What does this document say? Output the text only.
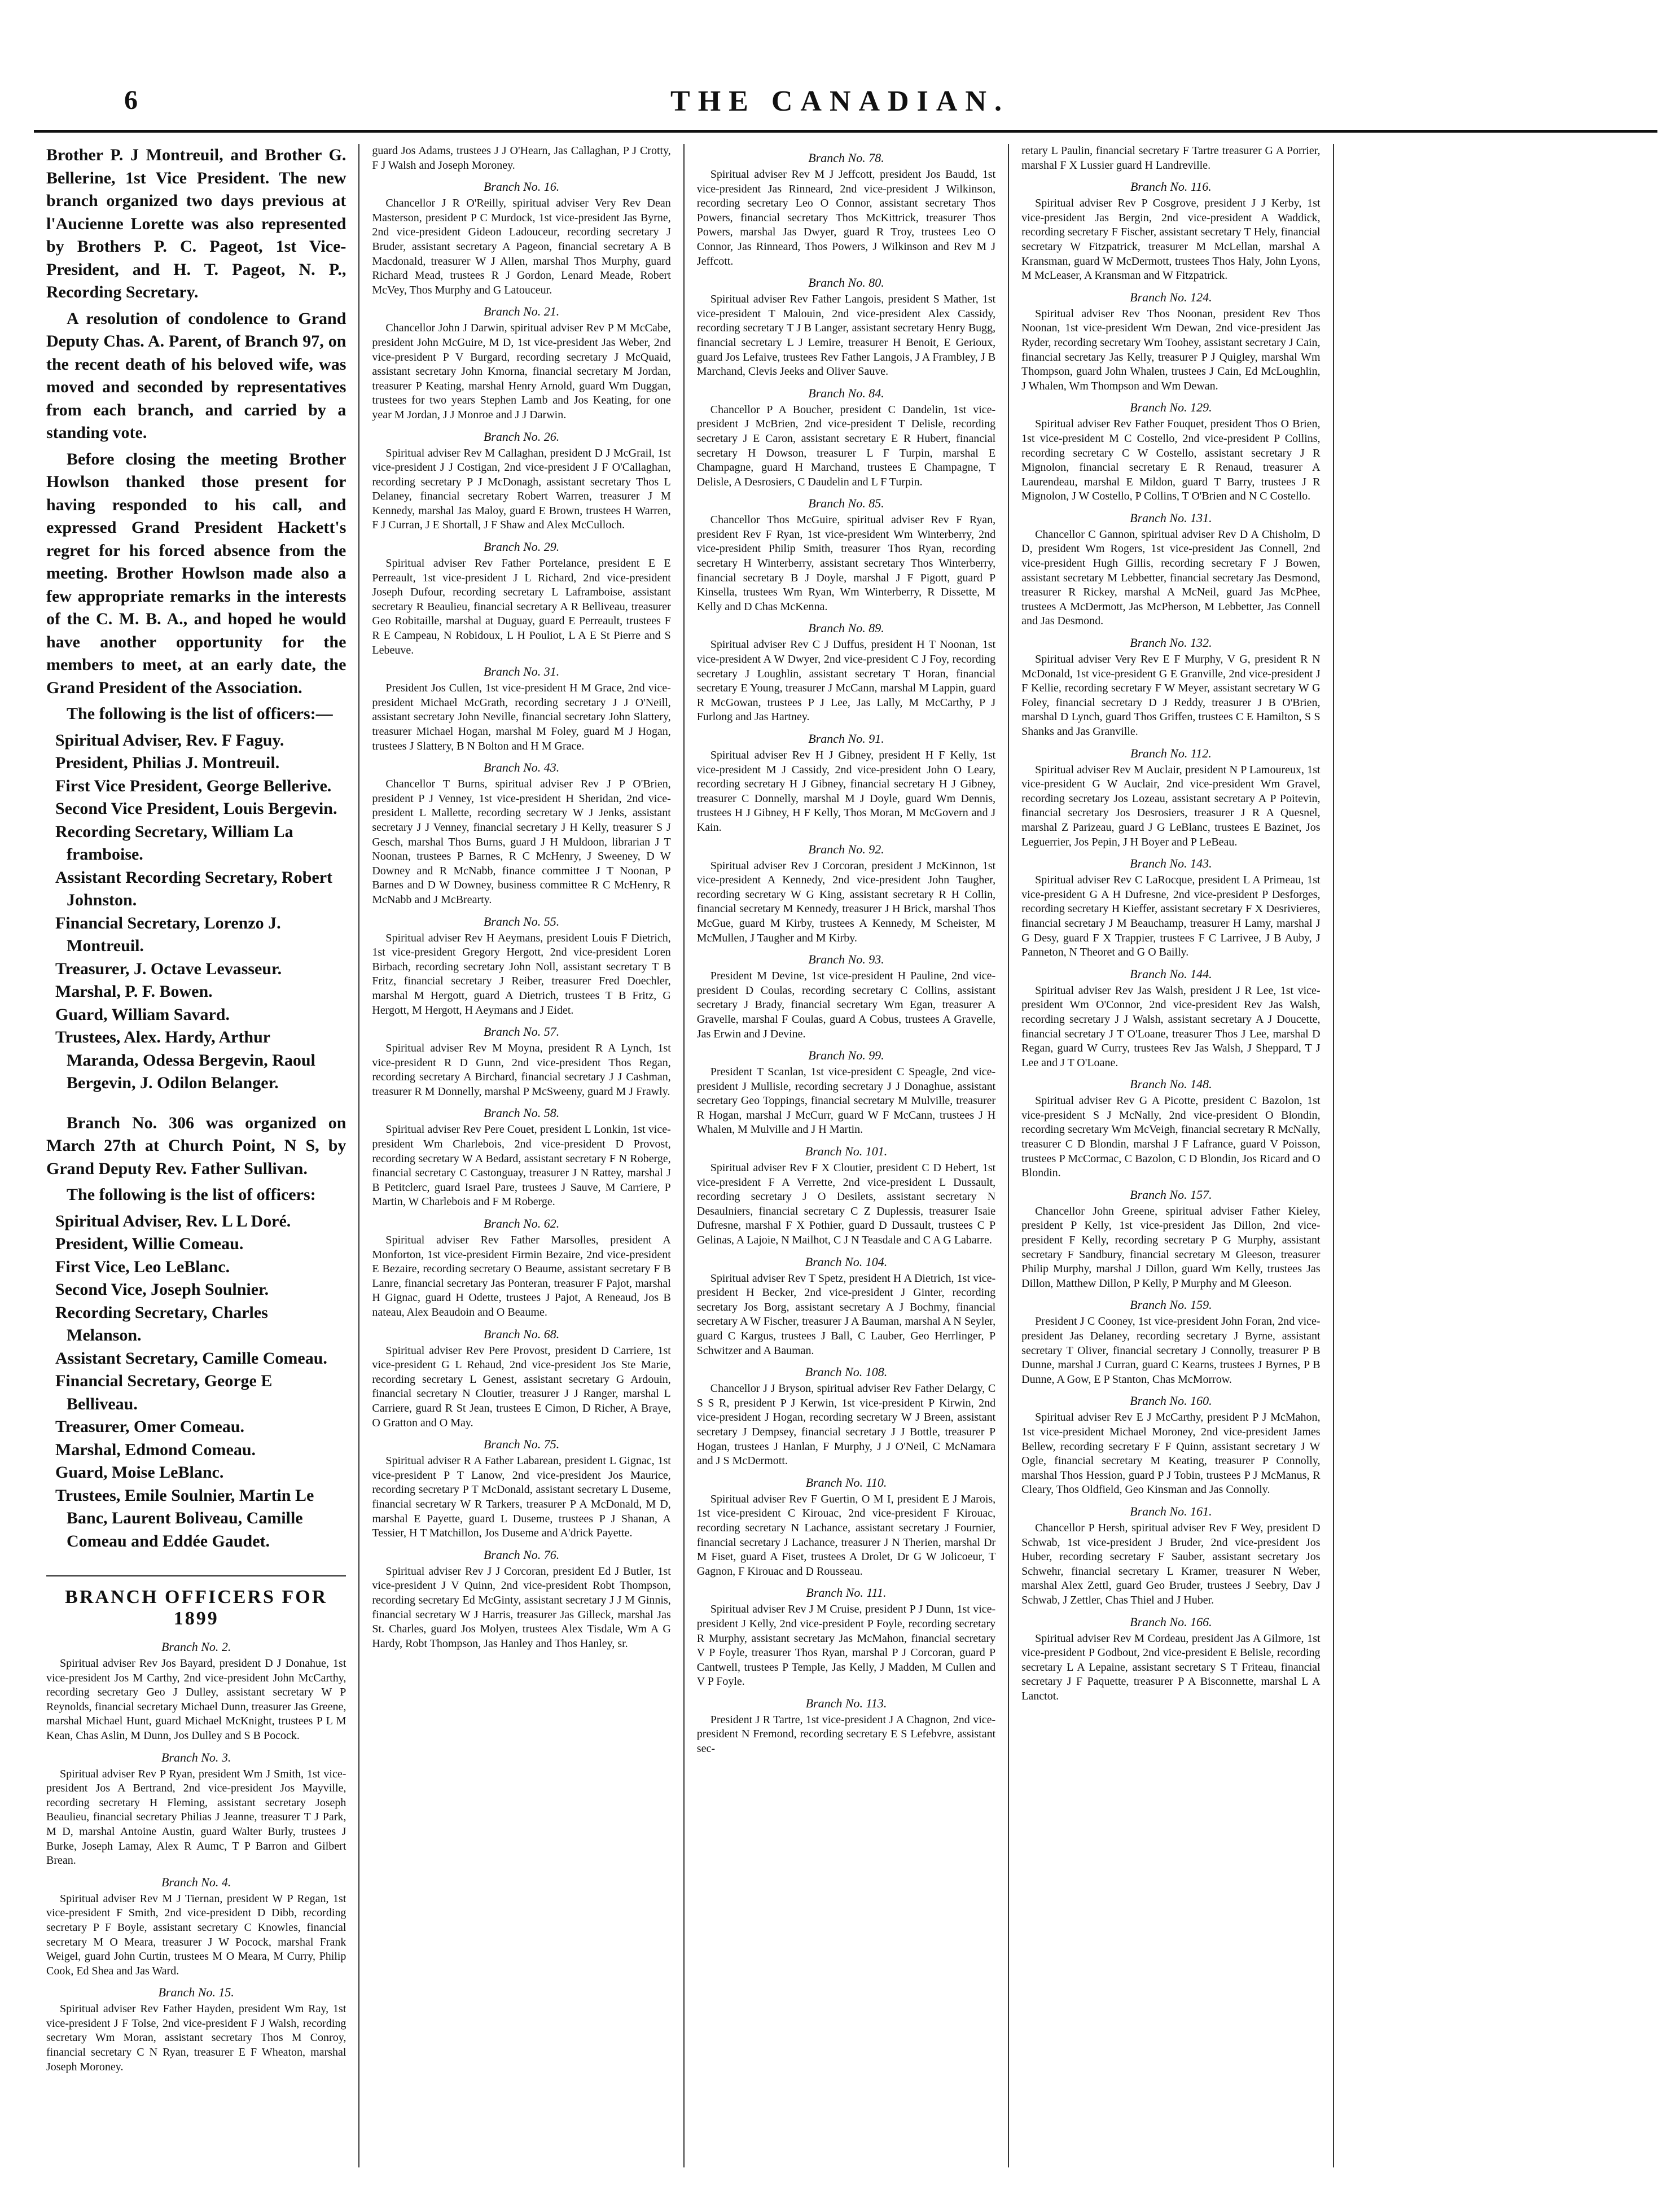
6	THE CANADIAN.

Brother P. J Montreuil, and Brother G. Bellerine, 1st Vice President. The new branch organized two days previous at l'Aucienne Lorette was also represented by Brothers P. C. Pageot, 1st Vice-President, and H. T. Pageot, N. P., Recording Secretary.

A resolution of condolence to Grand Deputy Chas. A. Parent, of Branch 97, on the recent death of his beloved wife, was moved and seconded by representatives from each branch, and carried by a standing vote.

Before closing the meeting Brother Howlson thanked those present for having responded to his call, and expressed Grand President Hackett's regret for his forced absence from the meeting. Brother Howlson made also a few appropriate remarks in the interests of the C. M. B. A., and hoped he would have another opportunity for the members to meet, at an early date, the Grand President of the Association.

The following is the list of officers:—

Spiritual Adviser, Rev. F Faguy.

President, Philias J. Montreuil.

First Vice President, George Bellerive.

Second Vice President, Louis Bergevin.

Recording Secretary, William La framboise.

Assistant Recording Secretary, Robert Johnston.

Financial Secretary, Lorenzo J. Montreuil.

Treasurer, J. Octave Levasseur.

Marshal, P. F. Bowen.

Guard, William Savard.

Trustees, Alex. Hardy, Arthur Maranda, Odessa Bergevin, Raoul Bergevin, J. Odilon Belanger.

Branch No. 306 was organized on March 27th at Church Point, N S, by Grand Deputy Rev. Father Sullivan.

The following is the list of officers:

Spiritual Adviser, Rev. L L Doré.

President, Willie Comeau.

First Vice, Leo LeBlanc.

Second Vice, Joseph Soulnier.

Recording Secretary, Charles Melanson.

Assistant Secretary, Camille Comeau.

Financial Secretary, George E Belliveau.

Treasurer, Omer Comeau.

Marshal, Edmond Comeau.

Guard, Moise LeBlanc.

Trustees, Emile Soulnier, Martin Le Banc, Laurent Boliveau, Camille Comeau and Eddée Gaudet.

BRANCH OFFICERS FOR 1899
Branch No. 2.

Spiritual adviser Rev Jos Bayard, president D J Donahue, 1st vice-president Jos M Carthy, 2nd vice-president John McCarthy, recording secretary Geo J Dulley, assistant secretary W P Reynolds, financial secretary Michael Dunn, treasurer Jas Greene, marshal Michael Hunt, guard Michael McKnight, trustees P L M Kean, Chas Aslin, M Dunn, Jos Dulley and S B Pocock.

Branch No. 3.

Spiritual adviser Rev P Ryan, president Wm J Smith, 1st vice-president Jos A Bertrand, 2nd vice-president Jos Mayville, recording secretary H Fleming, assistant secretary Joseph Beaulieu, financial secretary Philias J Jeanne, treasurer T J Park, M D, marshal Antoine Austin, guard Walter Burly, trustees J Burke, Joseph Lamay, Alex R Aumc, T P Barron and Gilbert Brean.

Branch No. 4.

Spiritual adviser Rev M J Tiernan, president W P Regan, 1st vice-president F Smith, 2nd vice-president D Dibb, recording secretary P F Boyle, assistant secretary C Knowles, financial secretary M O Meara, treasurer J W Pocock, marshal Frank Weigel, guard John Curtin, trustees M O Meara, M Curry, Philip Cook, Ed Shea and Jas Ward.

Branch No. 15.

Spiritual adviser Rev Father Hayden, president Wm Ray, 1st vice-president J F Tolse, 2nd vice-president F J Walsh, recording secretary Wm Moran, assistant secretary Thos M Conroy, financial secretary C N Ryan, treasurer E F Wheaton, marshal Joseph Moroney.

guard Jos Adams, trustees J J O'Hearn, Jas Callaghan, P J Crotty, F J Walsh and Joseph Moroney.

Branch No. 16.

Chancellor J R O'Reilly, spiritual adviser Very Rev Dean Masterson, president P C Murdock, 1st vice-president Jas Byrne, 2nd vice-president Gideon Ladouceur, recording secretary J Bruder, assistant secretary A Pageon, financial secretary A B Macdonald, treasurer W J Allen, marshal Thos Murphy, guard Richard Mead, trustees R J Gordon, Lenard Meade, Robert McVey, Thos Murphy and G Latouceur.

Branch No. 21.

Chancellor John J Darwin, spiritual adviser Rev P M McCabe, president John McGuire, M D, 1st vice-president Jas Weber, 2nd vice-president P V Burgard, recording secretary J McQuaid, assistant secretary John Kmorna, financial secretary M Jordan, treasurer P Keating, marshal Henry Arnold, guard Wm Duggan, trustees for two years Stephen Lamb and Jos Keating, for one year M Jordan, J J Monroe and J J Darwin.

Branch No. 26.

Spiritual adviser Rev M Callaghan, president D J McGrail, 1st vice-president J J Costigan, 2nd vice-president J F O'Callaghan, recording secretary P J McDonagh, assistant secretary Thos L Delaney, financial secretary Robert Warren, treasurer J M Kennedy, marshal Jas Maloy, guard E Brown, trustees H Warren, F J Curran, J E Shortall, J F Shaw and Alex McCulloch.

Branch No. 29.

Spiritual adviser Rev Father Portelance, president E E Perreault, 1st vice-president J L Richard, 2nd vice-president Joseph Dufour, recording secretary L Laframboise, assistant secretary R Beaulieu, financial secretary A R Belliveau, treasurer Geo Robitaille, marshal at Duguay, guard E Perreault, trustees F R E Campeau, N Robidoux, L H Pouliot, L A E St Pierre and S Lebeuve.

Branch No. 31.

President Jos Cullen, 1st vice-president H M Grace, 2nd vice-president Michael McGrath, recording secretary J J O'Neill, assistant secretary John Neville, financial secretary John Slattery, treasurer Michael Hogan, marshal M Foley, guard M J Hogan, trustees J Slattery, B N Bolton and H M Grace.

Branch No. 43.

Chancellor T Burns, spiritual adviser Rev J P O'Brien, president P J Venney, 1st vice-president H Sheridan, 2nd vice-president L Mallette, recording secretary W J Jenks, assistant secretary J J Venney, financial secretary J H Kelly, treasurer S J Gesch, marshal Thos Burns, guard J H Muldoon, librarian J T Noonan, trustees P Barnes, R C McHenry, J Sweeney, D W Downey and R McNabb, finance committee J T Noonan, P Barnes and D W Downey, business committee R C McHenry, R McNabb and J McBrearty.

Branch No. 55.

Spiritual adviser Rev H Aeymans, president Louis F Dietrich, 1st vice-president Gregory Hergott, 2nd vice-president Loren Birbach, recording secretary John Noll, assistant secretary T B Fritz, financial secretary J Reiber, treasurer Fred Doechler, marshal M Hergott, guard A Dietrich, trustees T B Fritz, G Hergott, M Hergott, H Aeymans and J Eidet.

Branch No. 57.

Spiritual adviser Rev M Moyna, president R A Lynch, 1st vice-president R D Gunn, 2nd vice-president Thos Regan, recording secretary A Birchard, financial secretary J J Cashman, treasurer R M Donnelly, marshal P McSweeny, guard M J Frawly.

Branch No. 58.

Spiritual adviser Rev Pere Couet, president L Lonkin, 1st vice-president Wm Charlebois, 2nd vice-president D Provost, recording secretary W A Bedard, assistant secretary F N Roberge, financial secretary C Castonguay, treasurer J N Rattey, marshal J B Petitclerc, guard Israel Pare, trustees J Sauve, M Carriere, P Martin, W Charlebois and F M Roberge.

Branch No. 62.

Spiritual adviser Rev Father Marsolles, president A Monforton, 1st vice-president Firmin Bezaire, 2nd vice-president E Bezaire, recording secretary O Beaume, assistant secretary F B Lanre, financial secretary Jas Ponteran, treasurer F Pajot, marshal H Gignac, guard H Odette, trustees J Pajot, A Reneaud, Jos B nateau, Alex Beaudoin and O Beaume.

Branch No. 68.

Spiritual adviser Rev Pere Provost, president D Carriere, 1st vice-president G L Rehaud, 2nd vice-president Jos Ste Marie, recording secretary L Genest, assistant secretary G Ardouin, financial secretary N Cloutier, treasurer J J Ranger, marshal L Carriere, guard R St Jean, trustees E Cimon, D Richer, A Braye, O Gratton and O May.

Branch No. 75.

Spiritual adviser R A Father Labarean, president L Gignac, 1st vice-president P T Lanow, 2nd vice-president Jos Maurice, recording secretary P T McDonald, assistant secretary L Duseme, financial secretary W R Tarkers, treasurer P A McDonald, M D, marshal E Payette, guard L Duseme, trustees P J Shanan, A Tessier, H T Matchillon, Jos Duseme and A'drick Payette.

Branch No. 76.

Spiritual adviser Rev J J Corcoran, president Ed J Butler, 1st vice-president J V Quinn, 2nd vice-president Robt Thompson, recording secretary Ed McGinty, assistant secretary J J M Ginnis, financial secretary W J Harris, treasurer Jas Gilleck, marshal Jas St. Charles, guard Jos Molyen, trustees Alex Tisdale, Wm A G Hardy, Robt Thompson, Jas Hanley and Thos Hanley, sr.

Branch No. 78.

Spiritual adviser Rev M J Jeffcott, president Jos Baudd, 1st vice-president Jas Rinneard, 2nd vice-president J Wilkinson, recording secretary Leo O Connor, assistant secretary Thos Powers, financial secretary Thos McKittrick, treasurer Thos Powers, marshal Jas Dwyer, guard R Troy, trustees Leo O Connor, Jas Rinneard, Thos Powers, J Wilkinson and Rev M J Jeffcott.

Branch No. 80.

Spiritual adviser Rev Father Langois, president S Mather, 1st vice-president T Malouin, 2nd vice-president Alex Cassidy, recording secretary T J B Langer, assistant secretary Henry Bugg, financial secretary L J Lemire, treasurer H Benoit, E Gerioux, guard Jos Lefaive, trustees Rev Father Langois, J A Frambley, J B Marchand, Clevis Jeeks and Oliver Sauve.

Branch No. 84.

Chancellor P A Boucher, president C Dandelin, 1st vice-president J McBrien, 2nd vice-president T Delisle, recording secretary J E Caron, assistant secretary E R Hubert, financial secretary H Dowson, treasurer L F Turpin, marshal E Champagne, guard H Marchand, trustees E Champagne, T Delisle, A Desrosiers, C Daudelin and L F Turpin.

Branch No. 85.

Chancellor Thos McGuire, spiritual adviser Rev F Ryan, president Rev F Ryan, 1st vice-president Wm Winterberry, 2nd vice-president Philip Smith, treasurer Thos Ryan, recording secretary H Winterberry, assistant secretary Thos Winterberry, financial secretary B J Doyle, marshal J F Pigott, guard P Kinsella, trustees Wm Ryan, Wm Winterberry, R Dissette, M Kelly and D Chas McKenna.

Branch No. 89.

Spiritual adviser Rev C J Duffus, president H T Noonan, 1st vice-president A W Dwyer, 2nd vice-president C J Foy, recording secretary J Loughlin, assistant secretary T Horan, financial secretary E Young, treasurer J McCann, marshal M Lappin, guard R McGowan, trustees P J Lee, Jas Lally, M McCarthy, P J Furlong and Jas Hartney.

Branch No. 91.

Spiritual adviser Rev H J Gibney, president H F Kelly, 1st vice-president M J Cassidy, 2nd vice-president John O Leary, recording secretary H J Gibney, financial secretary H J Gibney, treasurer C Donnelly, marshal M J Doyle, guard Wm Dennis, trustees H J Gibney, H F Kelly, Thos Moran, M McGovern and J Kain.

Branch No. 92.

Spiritual adviser Rev J Corcoran, president J McKinnon, 1st vice-president A Kennedy, 2nd vice-president John Taugher, recording secretary W G King, assistant secretary R H Collin, financial secretary M Kennedy, treasurer J H Brick, marshal Thos McGue, guard M Kirby, trustees A Kennedy, M Scheister, M McMullen, J Taugher and M Kirby.

Branch No. 93.

President M Devine, 1st vice-president H Pauline, 2nd vice-president D Coulas, recording secretary C Collins, assistant secretary J Brady, financial secretary Wm Egan, treasurer A Gravelle, marshal F Coulas, guard A Cobus, trustees A Gravelle, Jas Erwin and J Devine.

Branch No. 99.

President T Scanlan, 1st vice-president C Speagle, 2nd vice-president J Mullisle, recording secretary J J Donaghue, assistant secretary Geo Toppings, financial secretary M Mulville, treasurer R Hogan, marshal J McCurr, guard W F McCann, trustees J H Whalen, M Mulville and J H Martin.

Branch No. 101.

Spiritual adviser Rev F X Cloutier, president C D Hebert, 1st vice-president F A Verrette, 2nd vice-president L Dussault, recording secretary J O Desilets, assistant secretary N Desaulniers, financial secretary C Z Duplessis, treasurer Isaie Dufresne, marshal F X Pothier, guard D Dussault, trustees C P Gelinas, A Lajoie, N Mailhot, C J N Teasdale and C A G Labarre.

Branch No. 104.

Spiritual adviser Rev T Spetz, president H A Dietrich, 1st vice-president H Becker, 2nd vice-president J Ginter, recording secretary Jos Borg, assistant secretary A J Bochmy, financial secretary A W Fischer, treasurer J A Bauman, marshal A N Seyler, guard C Kargus, trustees J Ball, C Lauber, Geo Herrlinger, P Schwitzer and A Bauman.

Branch No. 108.

Chancellor J J Bryson, spiritual adviser Rev Father Delargy, C S S R, president P J Kerwin, 1st vice-president P Kirwin, 2nd vice-president J Hogan, recording secretary W J Breen, assistant secretary J Dempsey, financial secretary J J Bottle, treasurer P Hogan, trustees J Hanlan, F Murphy, J J O'Neil, C McNamara and J S McDermott.

Branch No. 110.

Spiritual adviser Rev F Guertin, O M I, president E J Marois, 1st vice-president C Kirouac, 2nd vice-president F Kirouac, recording secretary N Lachance, assistant secretary J Fournier, financial secretary J Lachance, treasurer J N Therien, marshal Dr M Fiset, guard A Fiset, trustees A Drolet, Dr G W Jolicoeur, T Gagnon, F Kirouac and D Rousseau.

Branch No. 111.

Spiritual adviser Rev J M Cruise, president P J Dunn, 1st vice-president J Kelly, 2nd vice-president P Foyle, recording secretary R Murphy, assistant secretary Jas McMahon, financial secretary V P Foyle, treasurer Thos Ryan, marshal P J Corcoran, guard P Cantwell, trustees P Temple, Jas Kelly, J Madden, M Cullen and V P Foyle.

Branch No. 113.

President J R Tartre, 1st vice-president J A Chagnon, 2nd vice-president N Fremond, recording secretary E S Lefebvre, assistant sec-

retary L Paulin, financial secretary F Tartre treasurer G A Porrier, marshal F X Lussier guard H Landreville.

Branch No. 116.

Spiritual adviser Rev P Cosgrove, president J J Kerby, 1st vice-president Jas Bergin, 2nd vice-president A Waddick, recording secretary F Fischer, assistant secretary T Hely, financial secretary W Fitzpatrick, treasurer M McLellan, marshal A Kransman, guard W McDermott, trustees Thos Haly, John Lyons, M McLeaser, A Kransman and W Fitzpatrick.

Branch No. 124.

Spiritual adviser Rev Thos Noonan, president Rev Thos Noonan, 1st vice-president Wm Dewan, 2nd vice-president Jas Ryder, recording secretary Wm Toohey, assistant secretary J Cain, financial secretary Jas Kelly, treasurer P J Quigley, marshal Wm Thompson, guard John Whalen, trustees J Cain, Ed McLoughlin, J Whalen, Wm Thompson and Wm Dewan.

Branch No. 129.

Spiritual adviser Rev Father Fouquet, president Thos O Brien, 1st vice-president M C Costello, 2nd vice-president P Collins, recording secretary C W Costello, assistant secretary J R Mignolon, financial secretary E R Renaud, treasurer A Laurendeau, marshal E Mildon, guard T Barry, trustees J R Mignolon, J W Costello, P Collins, T O'Brien and N C Costello.

Branch No. 131.

Chancellor C Gannon, spiritual adviser Rev D A Chisholm, D D, president Wm Rogers, 1st vice-president Jas Connell, 2nd vice-president Hugh Gillis, recording secretary F J Bowen, assistant secretary M Lebbetter, financial secretary Jas Desmond, treasurer R Rickey, marshal A McNeil, guard Jas McPhee, trustees A McDermott, Jas McPherson, M Lebbetter, Jas Connell and Jas Desmond.

Branch No. 132.

Spiritual adviser Very Rev E F Murphy, V G, president R N McDonald, 1st vice-president G E Granville, 2nd vice-president J F Kellie, recording secretary F W Meyer, assistant secretary W G Foley, financial secretary D J Reddy, treasurer J B O'Brien, marshal D Lynch, guard Thos Griffen, trustees C E Hamilton, S S Shanks and Jas Granville.

Branch No. 112.

Spiritual adviser Rev M Auclair, president N P Lamoureux, 1st vice-president G W Auclair, 2nd vice-president Wm Gravel, recording secretary Jos Lozeau, assistant secretary A P Poitevin, financial secretary Jos Desrosiers, treasurer J R A Quesnel, marshal Z Parizeau, guard J G LeBlanc, trustees E Bazinet, Jos Leguerrier, Jos Pepin, J H Boyer and P LeBeau.

Branch No. 143.

Spiritual adviser Rev C LaRocque, president L A Primeau, 1st vice-president G A H Dufresne, 2nd vice-president P Desforges, recording secretary H Kieffer, assistant secretary F X Desrivieres, financial secretary J M Beauchamp, treasurer H Lamy, marshal J G Desy, guard F X Trappier, trustees F C Larrivee, J B Auby, J Panneton, N Theoret and G O Bailly.

Branch No. 144.

Spiritual adviser Rev Jas Walsh, president J R Lee, 1st vice-president Wm O'Connor, 2nd vice-president Rev Jas Walsh, recording secretary J J Walsh, assistant secretary A J Doucette, financial secretary J T O'Loane, treasurer Thos J Lee, marshal D Regan, guard W Curry, trustees Rev Jas Walsh, J Sheppard, T J Lee and J T O'Loane.

Branch No. 148.

Spiritual adviser Rev G A Picotte, president C Bazolon, 1st vice-president S J McNally, 2nd vice-president O Blondin, recording secretary Wm McVeigh, financial secretary R McNally, treasurer C D Blondin, marshal J F Lafrance, guard V Poisson, trustees P McCormac, C Bazolon, C D Blondin, Jos Ricard and O Blondin.

Branch No. 157.

Chancellor John Greene, spiritual adviser Father Kieley, president P Kelly, 1st vice-president Jas Dillon, 2nd vice-president F Kelly, recording secretary P G Murphy, assistant secretary F Sandbury, financial secretary M Gleeson, treasurer Philip Murphy, marshal J Dillon, guard Wm Kelly, trustees Jas Dillon, Matthew Dillon, P Kelly, P Murphy and M Gleeson.

Branch No. 159.

President J C Cooney, 1st vice-president John Foran, 2nd vice-president Jas Delaney, recording secretary J Byrne, assistant secretary T Oliver, financial secretary J Connolly, treasurer P B Dunne, marshal J Curran, guard C Kearns, trustees J Byrnes, P B Dunne, A Gow, E P Stanton, Chas McMorrow.

Branch No. 160.

Spiritual adviser Rev E J McCarthy, president P J McMahon, 1st vice-president Michael Moroney, 2nd vice-president James Bellew, recording secretary F F Quinn, assistant secretary J W Ogle, financial secretary M Keating, treasurer P Connolly, marshal Thos Hession, guard P J Tobin, trustees P J McManus, R Cleary, Thos Oldfield, Geo Kinsman and Jas Connolly.

Branch No. 161.

Chancellor P Hersh, spiritual adviser Rev F Wey, president D Schwab, 1st vice-president J Bruder, 2nd vice-president Jos Huber, recording secretary F Sauber, assistant secretary Jos Schwehr, financial secretary L Kramer, treasurer N Weber, marshal Alex Zettl, guard Geo Bruder, trustees J Seebry, Dav J Schwab, J Zettler, Chas Thiel and J Huber.

Branch No. 166.

Spiritual adviser Rev M Cordeau, president Jas A Gilmore, 1st vice-president P Godbout, 2nd vice-president E Belisle, recording secretary L A Lepaine, assistant secretary S T Friteau, financial secretary J F Paquette, treasurer P A Bisconnette, marshal L A Lanctot.
